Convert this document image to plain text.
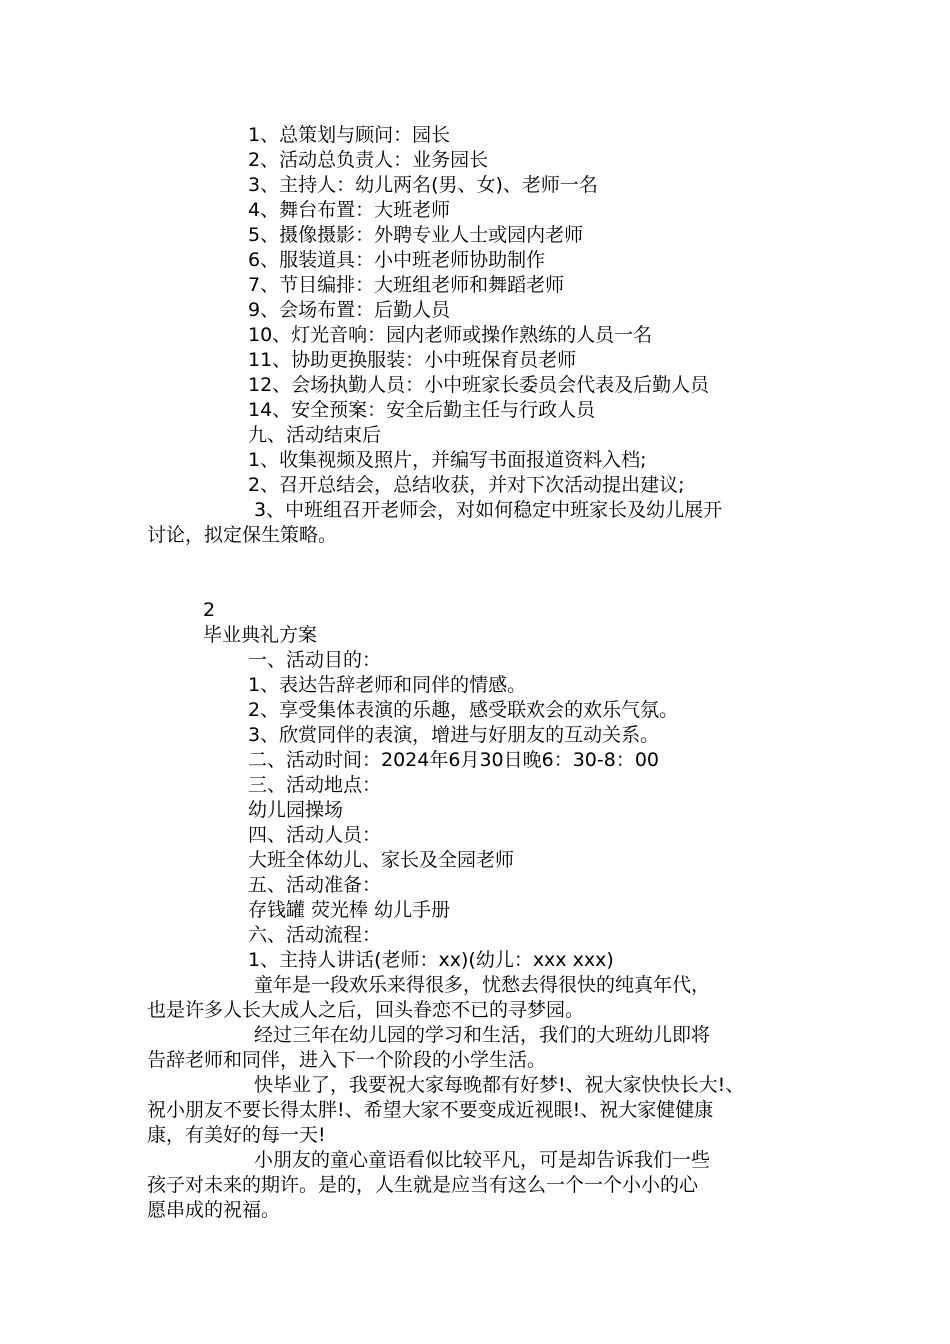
1、总策划与顾问：园长
2、活动总负责人：业务园长
3、主持人：幼儿两名(男、女)、老师一名
4、舞台布置：大班老师
5、摄像摄影：外聘专业人士或园内老师
6、服装道具：小中班老师协助制作
7、节目编排：大班组老师和舞蹈老师
9、会场布置：后勤人员
10、灯光音响：园内老师或操作熟练的人员一名
11、协助更换服装：小中班保育员老师
12、会场执勤人员：小中班家长委员会代表及后勤人员
14、安全预案：安全后勤主任与行政人员
九、活动结束后
1、收集视频及照片，并编写书面报道资料入档;
2、召开总结会，总结收获，并对下次活动提出建议;
3、中班组召开老师会，对如何稳定中班家长及幼儿展开
讨论，拟定保生策略。
2
毕业典礼方案
一、活动目的：
1、表达告辞老师和同伴的情感。
2、享受集体表演的乐趣，感受联欢会的欢乐气氛。
3、欣赏同伴的表演，增进与好朋友的互动关系。
二、活动时间：2024年6月30日晚6：30-8：00
三、活动地点：
幼儿园操场
四、活动人员：
大班全体幼儿、家长及全园老师
五、活动准备：
存钱罐 荧光棒 幼儿手册
六、活动流程：
1、主持人讲话(老师：xx)(幼儿：xxx xxx)
童年是一段欢乐来得很多，忧愁去得很快的纯真年代，
也是许多人长大成人之后，回头眷恋不已的寻梦园。
经过三年在幼儿园的学习和生活，我们的大班幼儿即将
告辞老师和同伴，进入下一个阶段的小学生活。
快毕业了，我要祝大家每晚都有好梦!、祝大家快快长大!、
祝小朋友不要长得太胖!、希望大家不要变成近视眼!、祝大家健健康
康，有美好的每一天!
小朋友的童心童语看似比较平凡，可是却告诉我们一些
孩子对未来的期许。是的，人生就是应当有这么一个一个小小的心
愿串成的祝福。
